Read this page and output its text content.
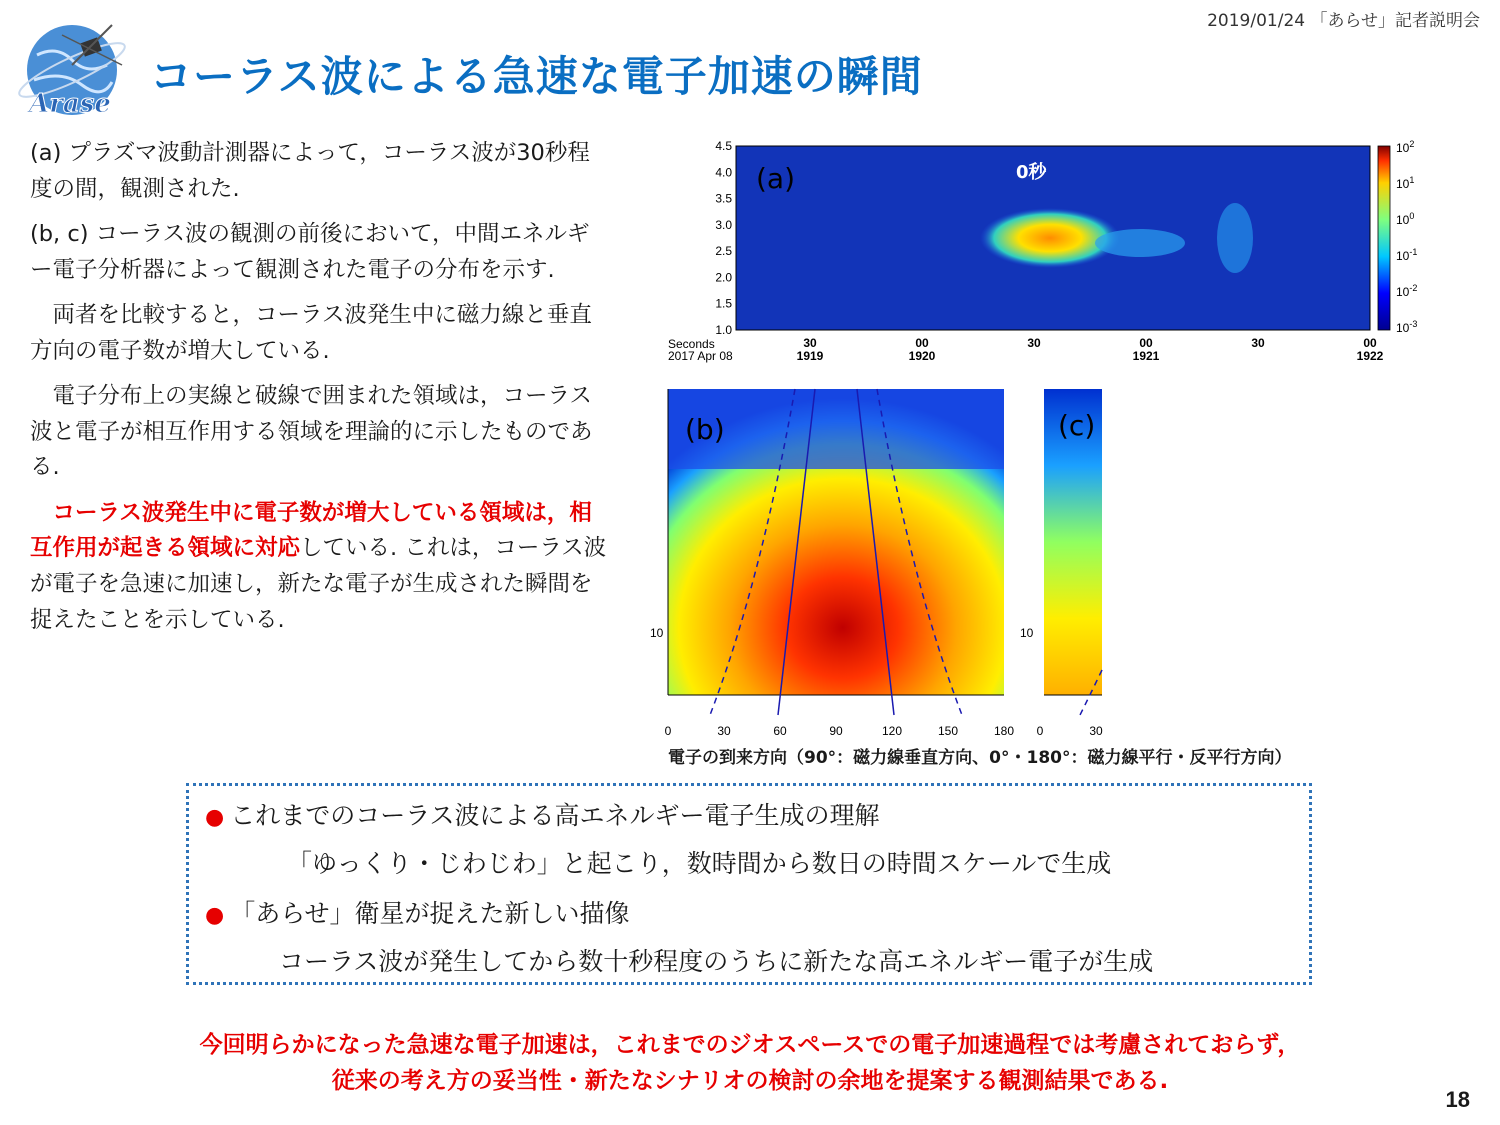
2019/01/24 「あらせ」記者説明会
Arase
コーラス波による急速な電子加速の瞬間

(a) プラズマ波動計測器によって，コーラス波が30秒程度の間，観測された.

(b, c) コーラス波の観測の前後において，中間エネルギー電子分析器によって観測された電子の分布を示す.

両者を比較すると，コーラス波発生中に磁力線と垂直方向の電子数が増大している.

電子分布上の実線と破線で囲まれた領域は，コーラス波と電子が相互作用する領域を理論的に示したものである.

コーラス波発生中に電子数が増大している領域は，相互作用が起きる領域に対応している. これは，コーラス波が電子を急速に加速し，新たな電子が生成された瞬間を捉えたことを示している.

(a)	0秒
4.5
4.0
3.5
3.0
2.5
2.0
1.5
1.0
30
1919
00
1920
30	00
1921
30	00
1922
Seconds
2017 Apr 08
$10^2$
$10^1$
$10^0$
$10^{-1}$
$10^{-2}$
$10^{-3}$
(b)
10
0	30	60	90	120	150	180
(c)
10
0	30
電子の到来方向（90°：磁力線垂直方向、0°・180°：磁力線平行・反平行方向）
● これまでのコーラス波による高エネルギー電子生成の理解
「ゆっくり・じわじわ」と起こり，数時間から数日の時間スケールで生成
● 「あらせ」衛星が捉えた新しい描像
コーラス波が発生してから数十秒程度のうちに新たな高エネルギー電子が生成
今回明らかになった急速な電子加速は，これまでのジオスペースでの電子加速過程では考慮されておらず，
従来の考え方の妥当性・新たなシナリオの検討の余地を提案する観測結果である.
18
